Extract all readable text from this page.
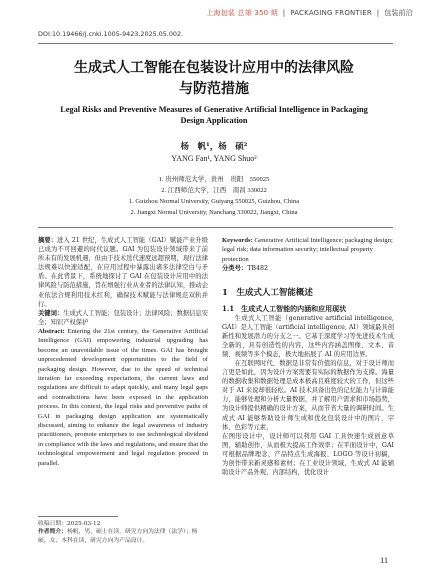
上海包装 总第 350 期  |  PACKAGING FRONTIER  |  包装前沿
DOI:10.19466/j.cnki.1005-9423.2025.05.002.
生成式人工智能在包装设计应用中的法律风险
与防范措施
Legal Risks and Preventive Measures of Generative Artificial Intelligence in Packaging
Design Application
杨　帆¹，杨　硕²
YANG Fan¹, YANG Shuo²
1. 贵州师范大学，贵州　贵阳　550025
2. 江西师范大学，江西　南昌 330022
1. Guizhou Normal University, Guiyang 550025, Guizhou, China
2. Jiangxi Normal University, Nanchang 330022, Jiangxi, China
摘要：进入 21 世纪，生成式人工智能（GAI）赋能产业升级已成为不可回避的时代议题。GAI 为包装设计领域带来了前所未有的发展机遇，但由于技术迭代速度远超预期，现行法律法规难以快速适配，在应用过程中暴露出诸多法律空白与矛盾。在此背景下，系统地探讨了 GAI 在包装设计应用中的法律风险与防范措施，旨在增强行业从业者的法律认知，推动企业依法合规利用技术红利，确保技术赋能与法律规范双轨并行。
关键词：生成式人工智能；包装设计；法律风险；数据信息安全；知识产权保护
Abstract: Entering the 21st century, the Generative Artificial Intelligence (GAI) empowering industrial upgrading has become an unavoidable issue of the times. GAI has brought unprecedented development opportunities to the field of packaging design. However, due to the speed of technical iteration far exceeding expectations, the current laws and regulations are difficult to adapt quickly, and many legal gaps and contradictions have been exposed in the application process. In this context, the legal risks and preventive paths of GAI in packaging design application are systematically discussed, aiming to enhance the legal awareness of industry practitioners, promote enterprises to use technological dividend in compliance with the laws and regulations, and ensure that the technological empowerment and legal regulation proceed in parallel.
收稿日期：2025-03-12
作者简介：杨帆，男，硕士在读，研究方向为法律（法学）；杨硕，女，本科在读，研究方向为产品设计。
Keywords: Generative Artificial Intelligence; packaging design; legal risk; data information security; intellectual property protection
分类号：TB482
1　生成式人工智能概述
1.1　生成式人工智能的内涵和应用现状
生成式人工智能（generative artificial intelligence, GAI）是人工智能（artificial intelligence, AI）领域最具创新性和发展潜力的分支之一。它基于深度学习等先进技术生成全新的、具有创造性的内容，这些内容涵盖图像、文本、音频、视频等多个模态，极大地拓展了 AI 的应用边界。
在互联网时代，数据是非常有价值的信息，对于设计师而言更是如此，因为设计方案需要有实际的数据作为支撑。海量的数据收集和数据处理是成本极高且难度较大的工作，但这些对于 AI 来说却很轻松。AI 技术具备出色的记忆能力与计算能力，能够处理和分析大量数据，并了解用户需求和市场趋势，为设计师提供精确的设计方案，从而节省大量的调研时间。生成式 AI 能够帮助设计师生成和优化包装设计中的图片、字体、色彩等元素，
在图形设计中，设计师可以利用 GAI 工具快速生成创意草图，辅助创作，从而极大提高工作效率；在平面设计中，GAI 可根据品牌理念、产品特点生成海报、LOGO 等设计初稿，为创作带来新灵感和素材；在工业设计领域，生成式 AI 能辅助设计产品外观、内部结构，优化设计
11
